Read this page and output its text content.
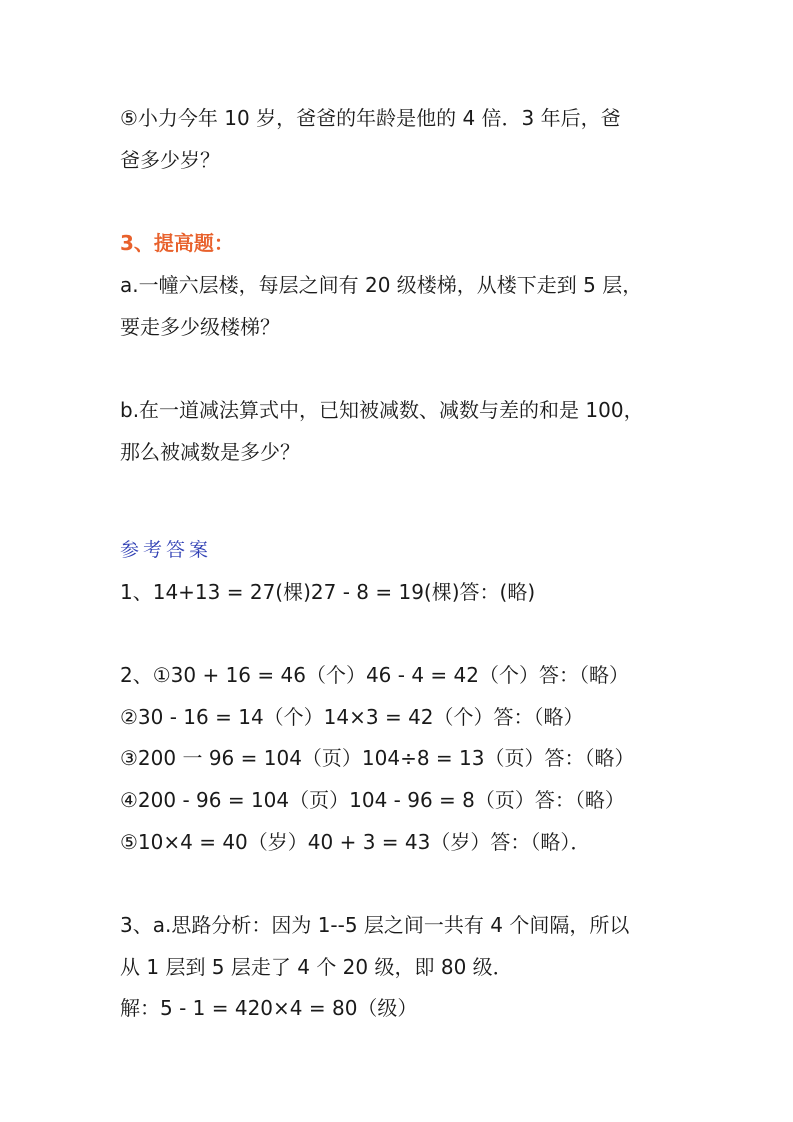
⑤小力今年 10 岁，爸爸的年龄是他的 4 倍．3 年后，爸
爸多少岁？
3、提高题：
a.一幢六层楼，每层之间有 20 级楼梯，从楼下走到 5 层，
要走多少级楼梯？
b.在一道减法算式中，已知被减数、减数与差的和是 100，
那么被减数是多少？
参考答案
1、14+13 = 27(棵)27 - 8 = 19(棵)答：(略)
2、①30 + 16 = 46（个）46 - 4 = 42（个）答：（略）
②30 - 16 = 14（个）14×3 = 42（个）答：（略）
③200 一 96 = 104（页）104÷8 = 13（页）答：（略）
④200 - 96 = 104（页）104 - 96 = 8（页）答：（略）
⑤10×4 = 40（岁）40 + 3 = 43（岁）答：（略）．
3、a.思路分析：因为 1--5 层之间一共有 4 个间隔，所以
从 1 层到 5 层走了 4 个 20 级，即 80 级．
解：5 - 1 = 420×4 = 80（级）
